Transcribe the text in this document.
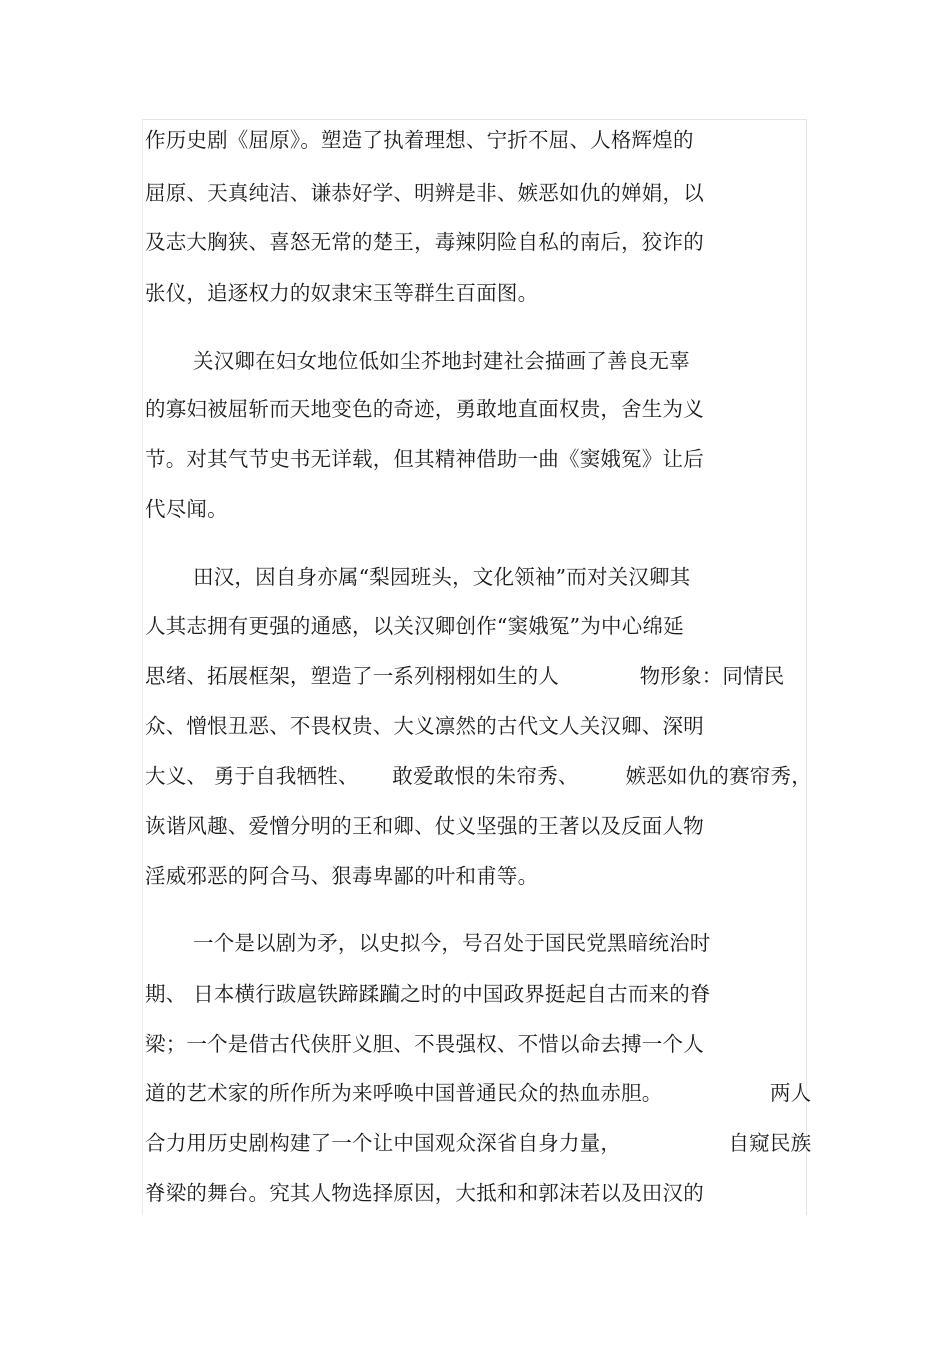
作历史剧《屈原》。塑造了执着理想、宁折不屈、人格辉煌的
屈原、天真纯洁、谦恭好学、明辨是非、嫉恶如仇的婵娟，以
及志大胸狭、喜怒无常的楚王，毒辣阴险自私的南后，狡诈的
张仪，追逐权力的奴隶宋玉等群生百面图。
关汉卿在妇女地位低如尘芥地封建社会描画了善良无辜
的寡妇被屈斩而天地变色的奇迹，勇敢地直面权贵，舍生为义
节。对其气节史书无详载，但其精神借助一曲《窦娥冤》让后
代尽闻。
田汉，因自身亦属“梨园班头，文化领袖”而对关汉卿其
人其志拥有更强的通感，以关汉卿创作“窦娥冤”为中心绵延
思绪、拓展框架，塑造了一系列栩栩如生的人            物形象：同情民
众、憎恨丑恶、不畏权贵、大义凛然的古代文人关汉卿、深明
大义、 勇于自我牺牲、     敢爱敢恨的朱帘秀、       嫉恶如仇的赛帘秀，
诙谐风趣、爱憎分明的王和卿、仗义坚强的王著以及反面人物
淫威邪恶的阿合马、狠毒卑鄙的叶和甫等。
一个是以剧为矛，以史拟今，号召处于国民党黑暗统治时
期、 日本横行跋扈铁蹄蹂躏之时的中国政界挺起自古而来的脊
梁；一个是借古代侠肝义胆、不畏强权、不惜以命去搏一个人
道的艺术家的所作所为来呼唤中国普通民众的热血赤胆。                两人
合力用历史剧构建了一个让中国观众深省自身力量，                自窥民族
脊梁的舞台。究其人物选择原因，大抵和和郭沫若以及田汉的
